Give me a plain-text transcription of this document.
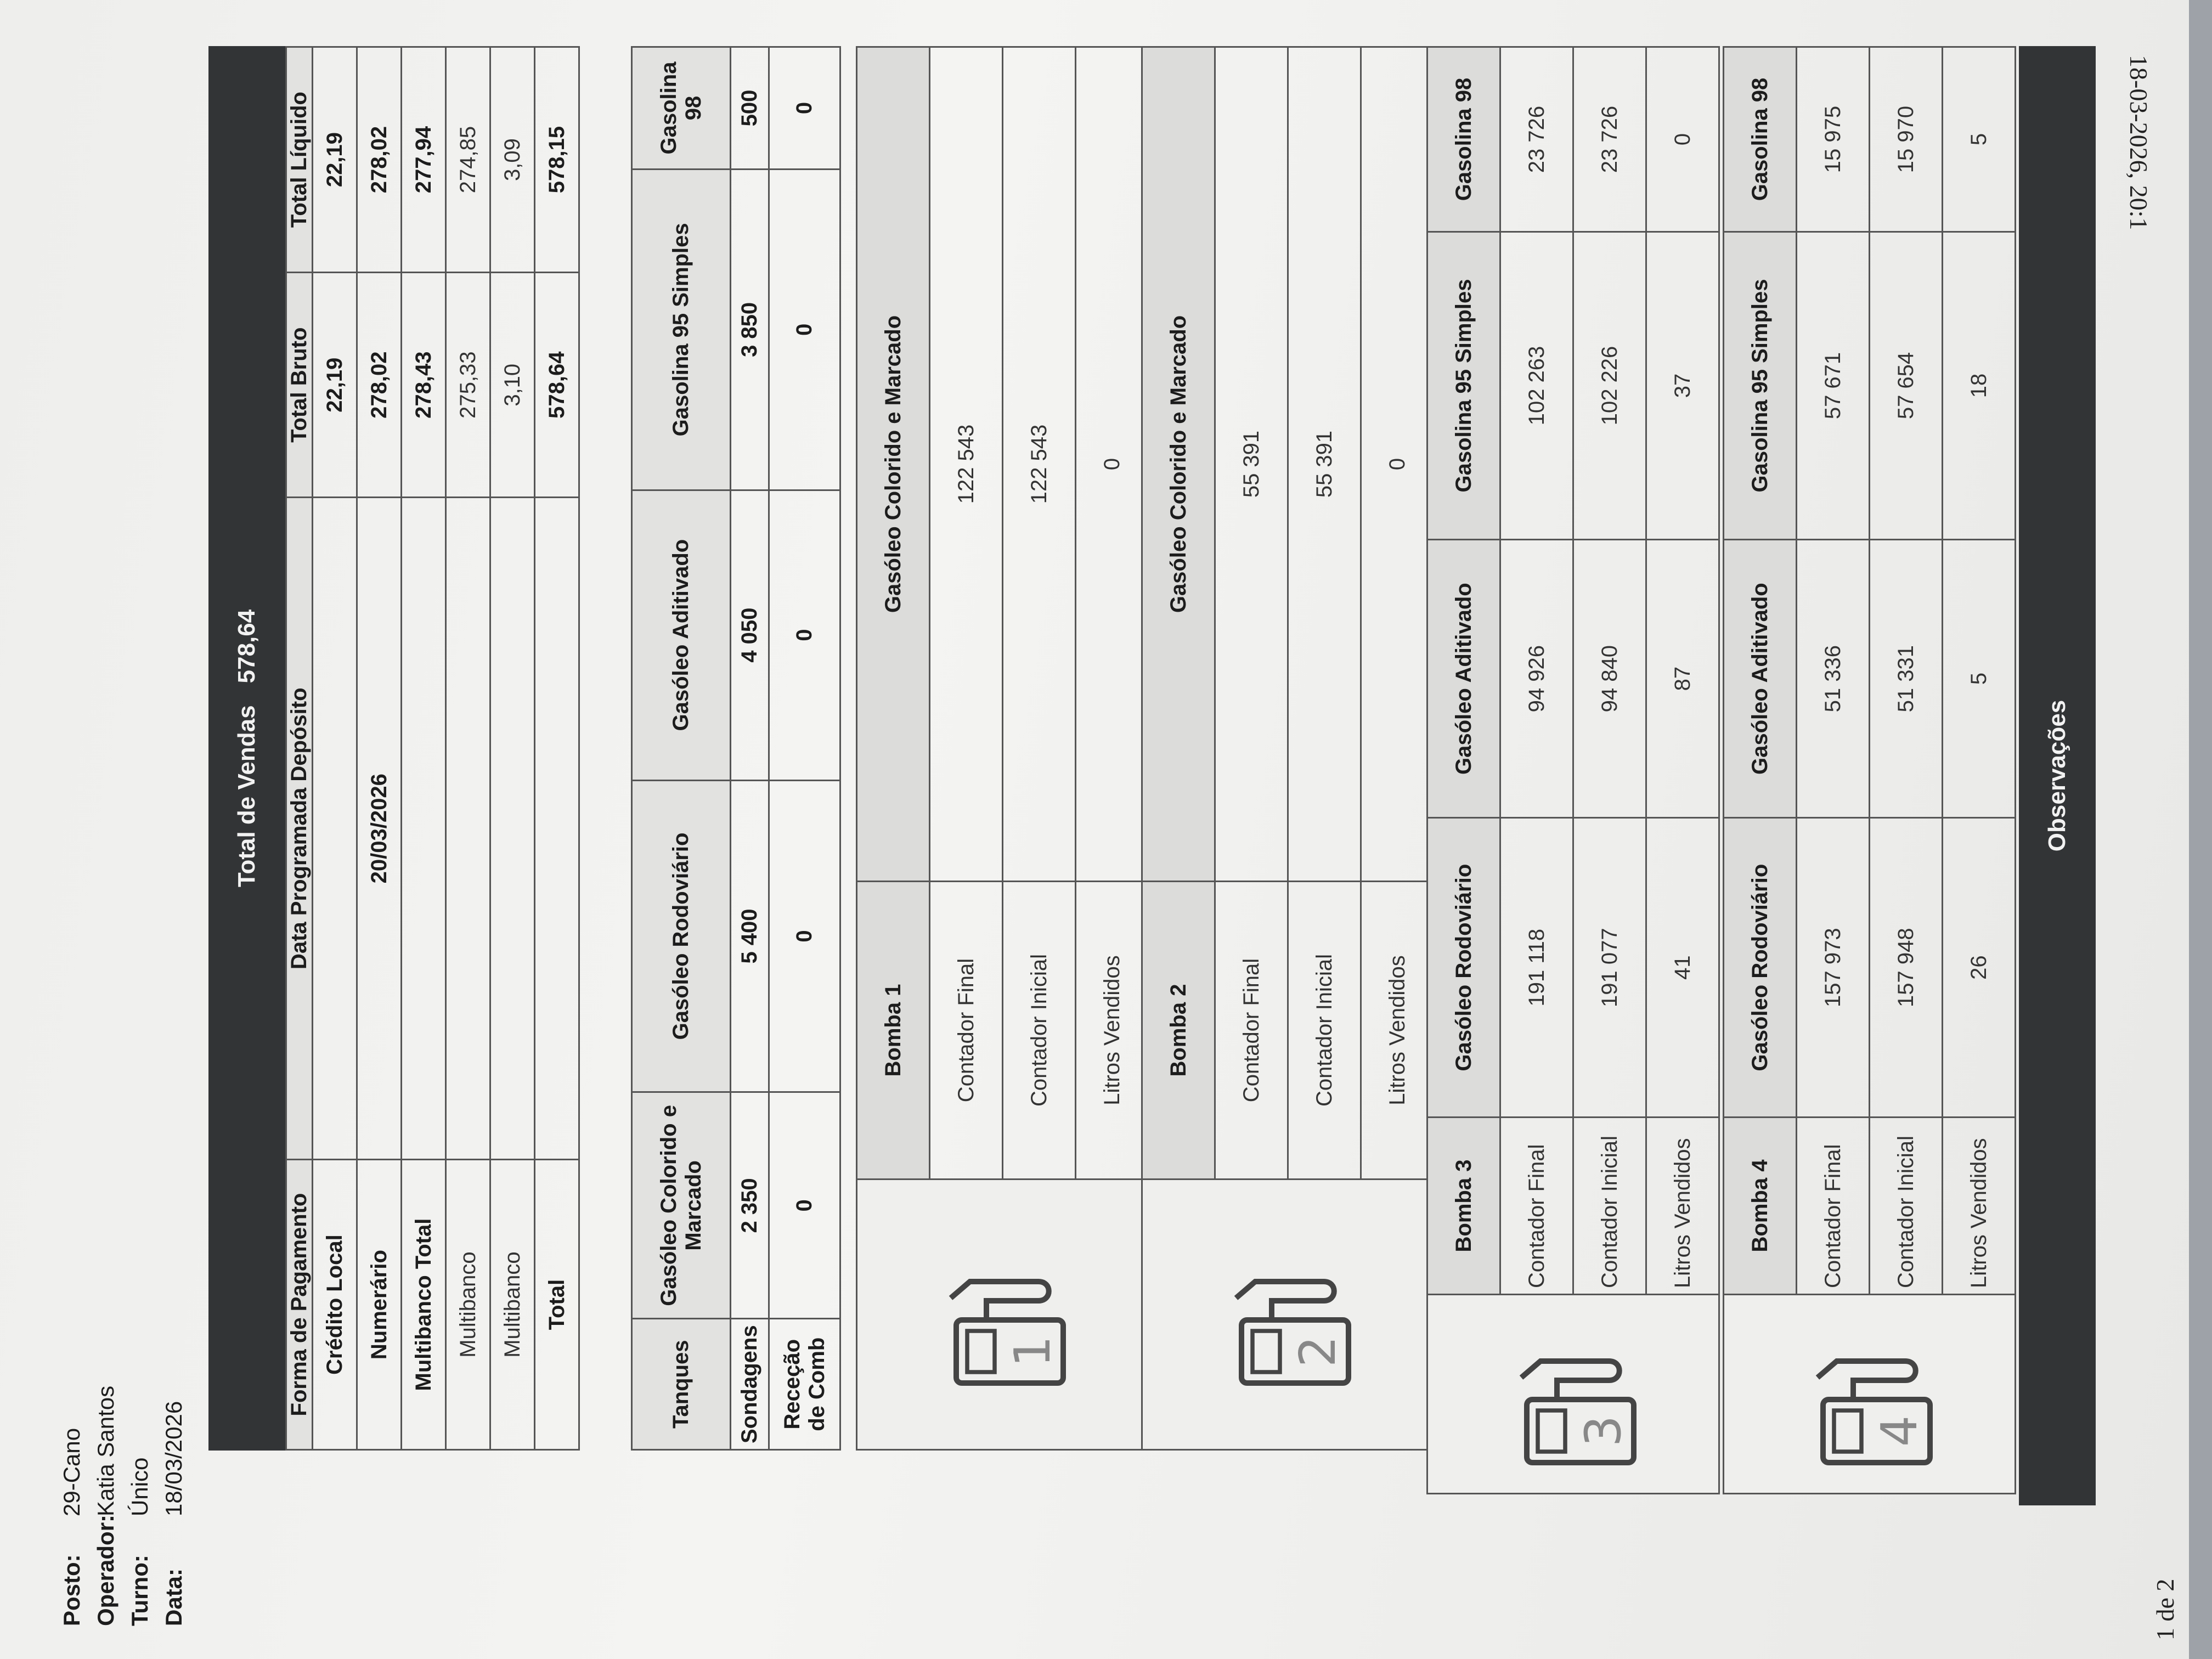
1 de 2
18-03-2026, 20:1
Posto:
29-Cano
Operador:
Katia Santos
Turno:
Único
Data:
18/03/2026
Total de Vendas
578,64
Forma de Pagamento	Data Programada Depósito	Total Bruto	Total Líquido
Crédito Local		22,19	22,19
Numerário	20/03/2026	278,02	278,02
Multibanco Total		278,43	277,94
Multibanco		275,33	274,85
Multibanco		3,10	3,09
Total		578,64	578,15
Tanques	Gasóleo Colorido e Marcado	Gasóleo Rodoviário	Gasóleo Aditivado	Gasolina 95 Simples	Gasolina 98
Sondagens	2 350	5 400	4 050	3 850	500
Receção de Comb	0	0	0	0	0
1	Bomba 1	Gasóleo Colorido e Marcado
	Contador Final	122 543
	Contador Inicial	122 543
	Litros Vendidos	0
2	Bomba 2	Gasóleo Colorido e Marcado
	Contador Final	55 391
	Contador Inicial	55 391
	Litros Vendidos	0
3	Bomba 3	Gasóleo Rodoviário	Gasóleo Aditivado	Gasolina 95 Simples	Gasolina 98
	Contador Final	191 118	94 926	102 263	23 726
	Contador Inicial	191 077	94 840	102 226	23 726
	Litros Vendidos	41	87	37	0
4	Bomba 4	Gasóleo Rodoviário	Gasóleo Aditivado	Gasolina 95 Simples	Gasolina 98
	Contador Final	157 973	51 336	57 671	15 975
	Contador Inicial	157 948	51 331	57 654	15 970
	Litros Vendidos	26	5	18	5
Observações
